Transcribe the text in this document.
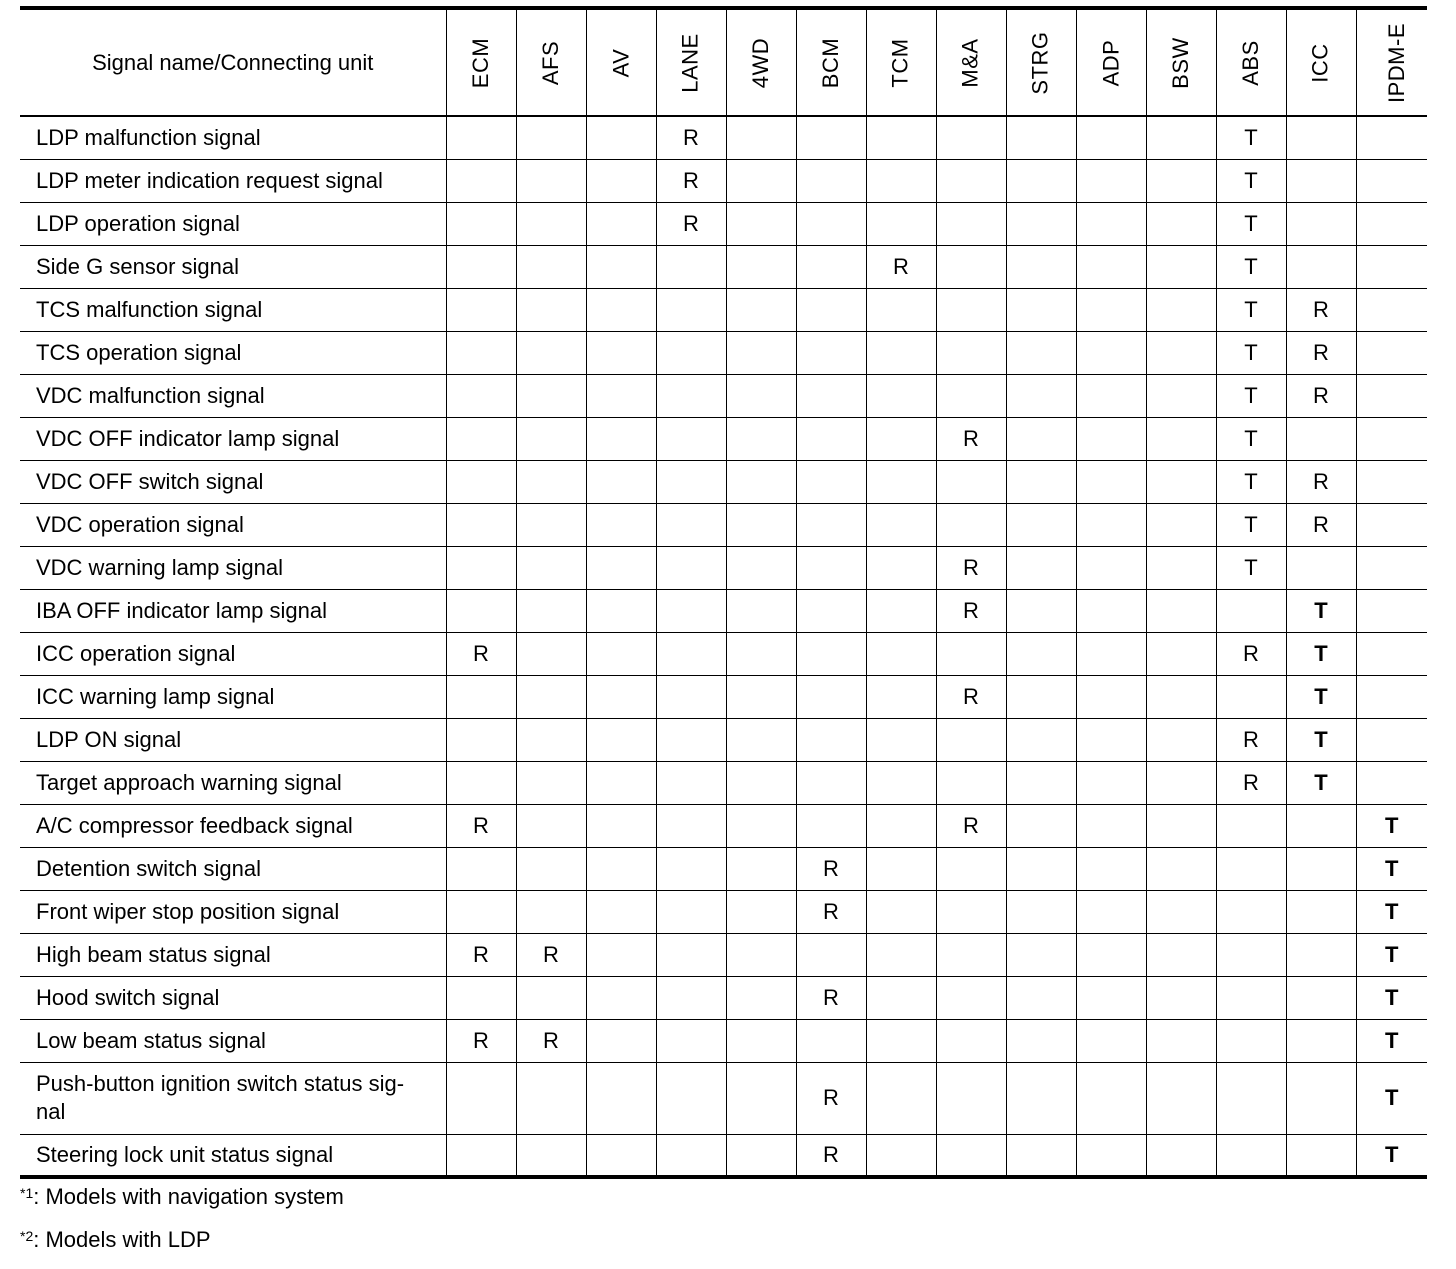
Signal name/Connecting unit	ECM	AFS	AV	LANE	4WD	BCM	TCM	M&A	STRG	ADP	BSW	ABS	ICC	IPDM-E
LDP malfunction signal				R								T		
LDP meter indication request signal				R								T		
LDP operation signal				R								T		
Side G sensor signal							R					T		
TCS malfunction signal												T	R	
TCS operation signal												T	R	
VDC malfunction signal												T	R	
VDC OFF indicator lamp signal								R				T		
VDC OFF switch signal												T	R	
VDC operation signal												T	R	
VDC warning lamp signal								R				T		
IBA OFF indicator lamp signal								R					T	
ICC operation signal	R											R	T	
ICC warning lamp signal								R					T	
LDP ON signal												R	T	
Target approach warning signal												R	T	
A/C compressor feedback signal	R							R						T
Detention switch signal						R								T
Front wiper stop position signal						R								T
High beam status signal	R	R												T
Hood switch signal						R								T
Low beam status signal	R	R												T
Push-button ignition switch status sig-
nal						R								T
Steering lock unit status signal						R								T
$^{*1}$: Models with navigation system
$^{*2}$: Models with LDP
